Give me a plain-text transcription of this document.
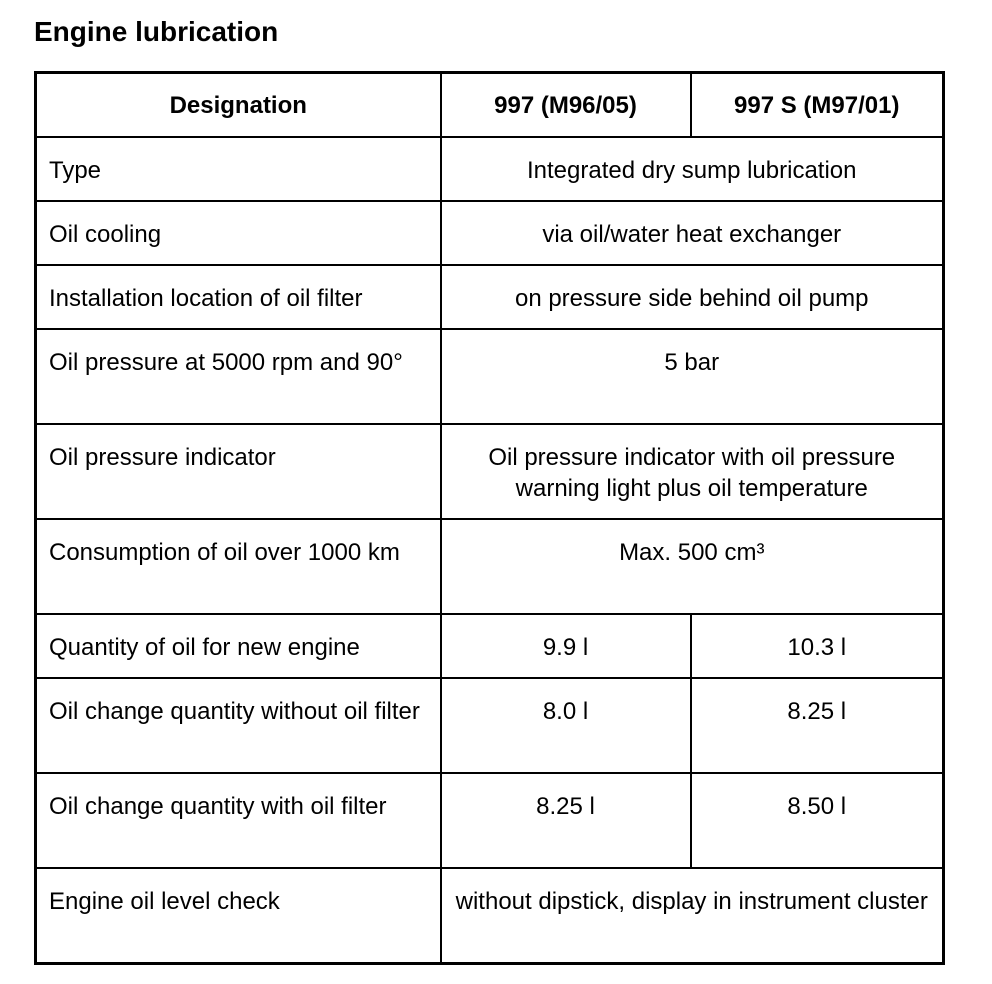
Engine lubrication
Designation	997 (M96/05)	997 S (M97/01)
Type	Integrated dry sump lubrication	
Oil cooling	via oil/water heat exchanger	
Installation location of oil filter	on pressure side behind oil pump	
Oil pressure at 5000 rpm and 90°	5 bar	
Oil pressure indicator	Oil pressure indicator with oil pressure warning light plus oil temperature	
Consumption of oil over 1000 km	Max. 500 cm³	
Quantity of oil for new engine	9.9 l	10.3 l
Oil change quantity without oil filter	8.0 l	8.25 l
Oil change quantity with oil filter	8.25 l	8.50 l
Engine oil level check	without dipstick, display in instrument cluster	
